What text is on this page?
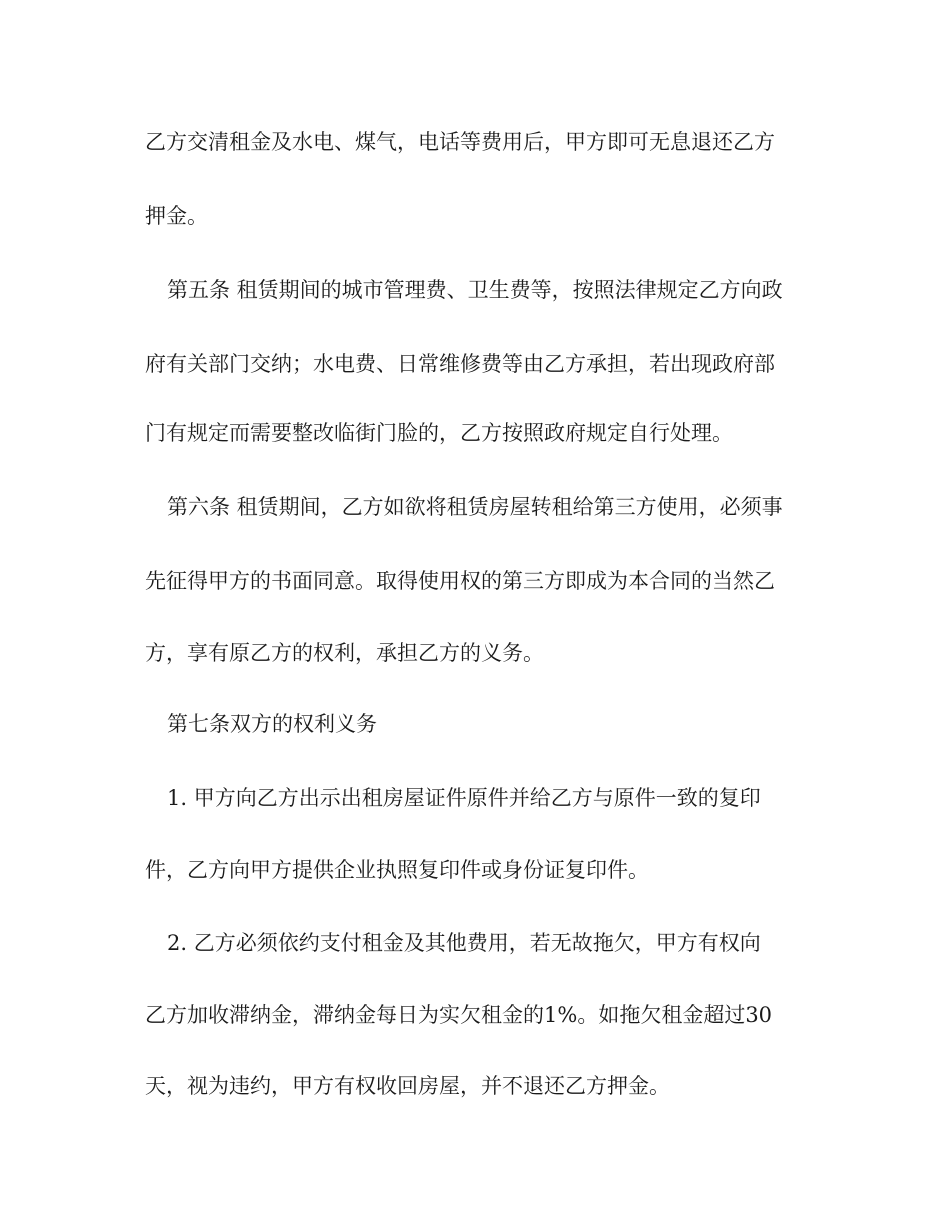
乙方交清租金及水电、煤气，电话等费用后，甲方即可无息退还乙方
押金。
第五条 租赁期间的城市管理费、卫生费等，按照法律规定乙方向政
府有关部门交纳；水电费、日常维修费等由乙方承担，若出现政府部
门有规定而需要整改临街门脸的，乙方按照政府规定自行处理。
第六条 租赁期间，乙方如欲将租赁房屋转租给第三方使用，必须事
先征得甲方的书面同意。取得使用权的第三方即成为本合同的当然乙
方，享有原乙方的权利，承担乙方的义务。
第七条双方的权利义务
1. 甲方向乙方出示出租房屋证件原件并给乙方与原件一致的复印
件，乙方向甲方提供企业执照复印件或身份证复印件。
2. 乙方必须依约支付租金及其他费用，若无故拖欠，甲方有权向
乙方加收滞纳金，滞纳金每日为实欠租金的1%。如拖欠租金超过30
天，视为违约，甲方有权收回房屋，并不退还乙方押金。
